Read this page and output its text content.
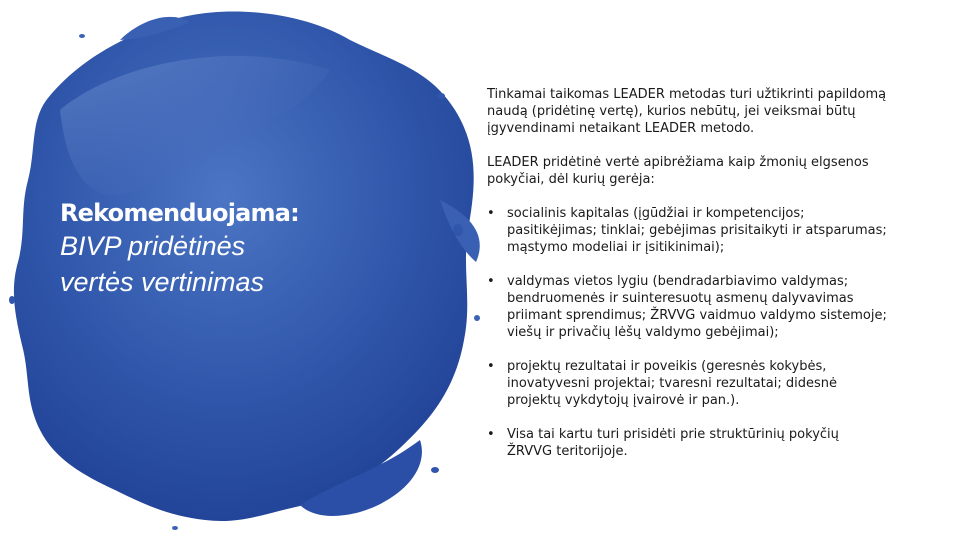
Rekomenduojama:
BIVP pridėtinės vertės vertinimas

Tinkamai taikomas LEADER metodas turi užtikrinti papildomą naudą (pridėtinę vertę), kurios nebūtų, jei veiksmai būtų įgyvendinami netaikant LEADER metodo.

LEADER pridėtinė vertė apibrėžiama kaip žmonių elgsenos pokyčiai, dėl kurių gerėja:

• socialinis kapitalas (įgūdžiai ir kompetencijos; pasitikėjimas; tinklai; gebėjimas prisitaikyti ir atsparumas; mąstymo modeliai ir įsitikinimai);
• valdymas vietos lygiu (bendradarbiavimo valdymas; bendruomenės ir suinteresuotų asmenų dalyvavimas priimant sprendimus; ŽRVVG vaidmuo valdymo sistemoje; viešų ir privačių lėšų valdymo gebėjimai);
• projektų rezultatai ir poveikis (geresnės kokybės, inovatyvesni projektai; tvaresni rezultatai; didesnė projektų vykdytojų įvairovė ir pan.).
• Visa tai kartu turi prisidėti prie struktūrinių pokyčių ŽRVVG teritorijoje.
